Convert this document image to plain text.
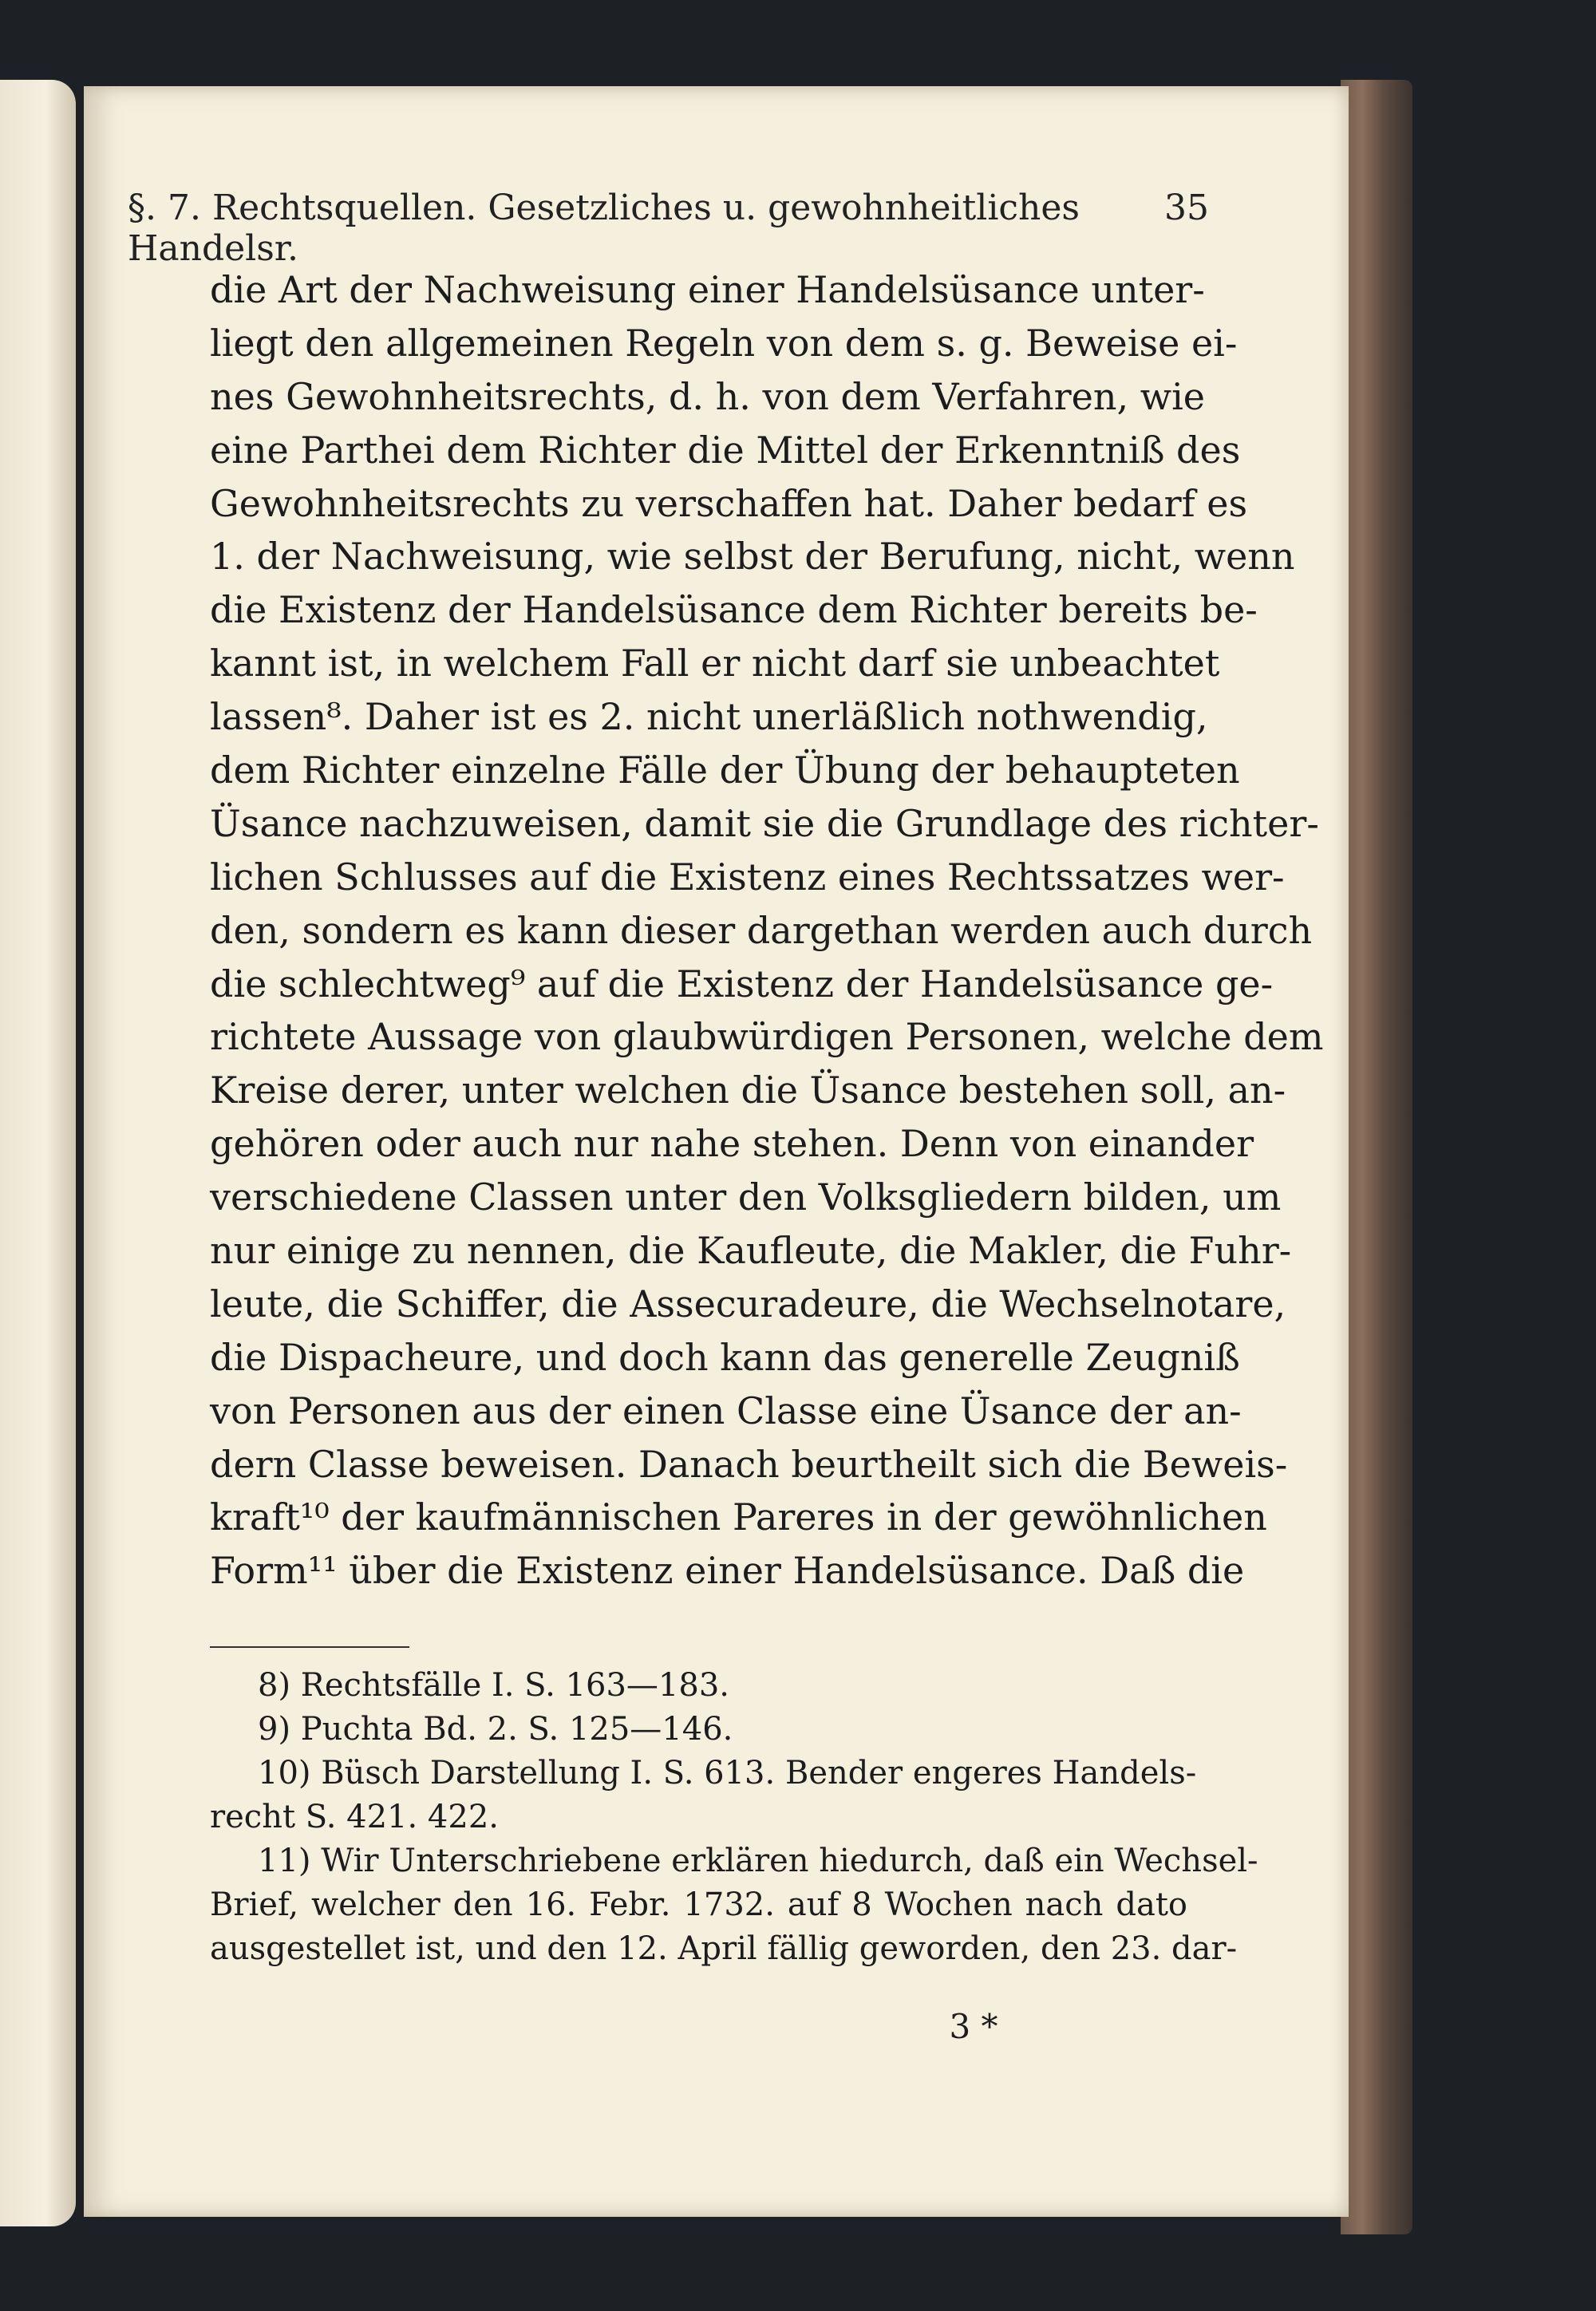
§. 7. Rechtsquellen. Gesetzliches u. gewohnheitliches Handelsr.
35
die Art der Nachweisung einer Handelsüsance unter-
liegt den allgemeinen Regeln von dem s. g. Beweise ei-
nes Gewohnheitsrechts, d. h. von dem Verfahren, wie
eine Parthei dem Richter die Mittel der Erkenntniß des
Gewohnheitsrechts zu verschaffen hat. Daher bedarf es
1. der Nachweisung, wie selbst der Berufung, nicht, wenn
die Existenz der Handelsüsance dem Richter bereits be-
kannt ist, in welchem Fall er nicht darf sie unbeachtet
lassen⁸. Daher ist es 2. nicht unerläßlich nothwendig,
dem Richter einzelne Fälle der Übung der behaupteten
Üsance nachzuweisen, damit sie die Grundlage des richter-
lichen Schlusses auf die Existenz eines Rechtssatzes wer-
den, sondern es kann dieser dargethan werden auch durch
die schlechtweg⁹ auf die Existenz der Handelsüsance ge-
richtete Aussage von glaubwürdigen Personen, welche dem
Kreise derer, unter welchen die Üsance bestehen soll, an-
gehören oder auch nur nahe stehen. Denn von einander
verschiedene Classen unter den Volksgliedern bilden, um
nur einige zu nennen, die Kaufleute, die Makler, die Fuhr-
leute, die Schiffer, die Assecuradeure, die Wechselnotare,
die Dispacheure, und doch kann das generelle Zeugniß
von Personen aus der einen Classe eine Üsance der an-
dern Classe beweisen. Danach beurtheilt sich die Beweis-
kraft¹⁰ der kaufmännischen Pareres in der gewöhnlichen
Form¹¹ über die Existenz einer Handelsüsance. Daß die
8) Rechtsfälle I. S. 163—183.
9) Puchta Bd. 2. S. 125—146.
10) Büsch Darstellung I. S. 613. Bender engeres Handels-
recht S. 421. 422.
11) Wir Unterschriebene erklären hiedurch, daß ein Wechsel-
Brief, welcher den 16. Febr. 1732. auf 8 Wochen nach dato
ausgestellet ist, und den 12. April fällig geworden, den 23. dar-
3 *
